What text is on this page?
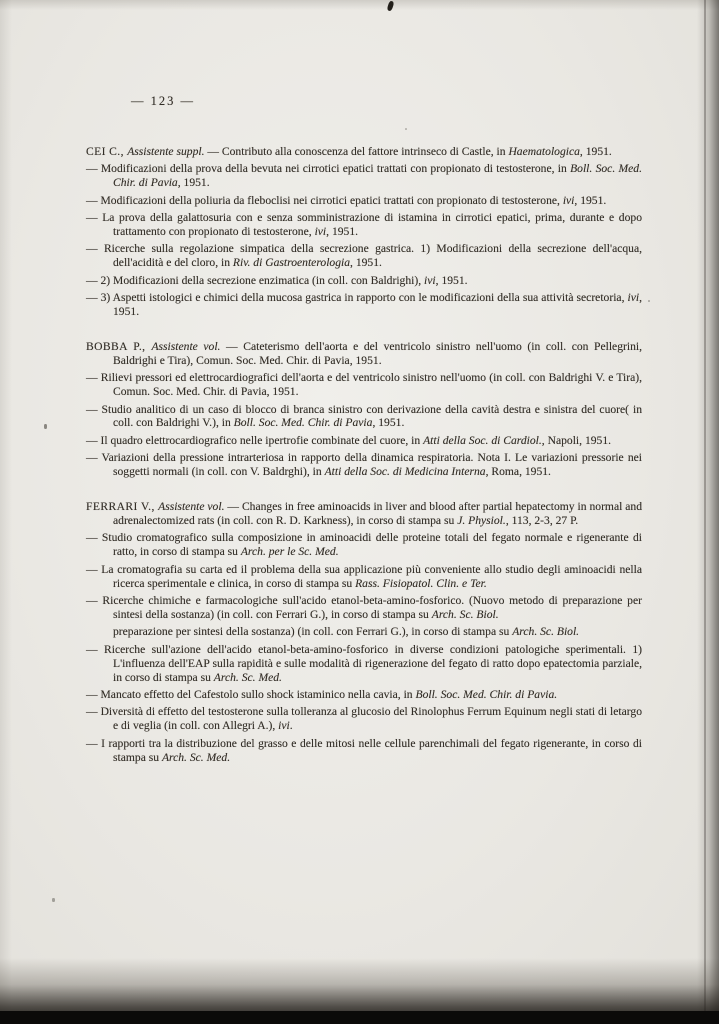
— 123 —

CEI C., Assistente suppl. — Contributo alla conoscenza del fattore intrinseco di Castle, in Haematologica, 1951.

— Modificazioni della prova della bevuta nei cirrotici epatici trattati con propionato di testosterone, in Boll. Soc. Med. Chir. di Pavia, 1951.

— Modificazioni della poliuria da fleboclisi nei cirrotici epatici trattati con propionato di testosterone, ivi, 1951.

— La prova della galattosuria con e senza somministrazione di istamina in cirrotici epatici, prima, durante e dopo trattamento con propionato di testosterone, ivi, 1951.

— Ricerche sulla regolazione simpatica della secrezione gastrica. 1) Modificazioni della secrezione dell'acqua, dell'acidità e del cloro, in Riv. di Gastroenterologia, 1951.

— 2) Modificazioni della secrezione enzimatica (in coll. con Baldrighi), ivi, 1951.

— 3) Aspetti istologici e chimici della mucosa gastrica in rapporto con le modificazioni della sua attività secretoria, ivi, 1951.

BOBBA P., Assistente vol. — Cateterismo dell'aorta e del ventricolo sinistro nell'uomo (in coll. con Pellegrini, Baldrighi e Tira), Comun. Soc. Med. Chir. di Pavia, 1951.

— Rilievi pressori ed elettrocardiografici dell'aorta e del ventricolo sinistro nell'uomo (in coll. con Baldrighi V. e Tira), Comun. Soc. Med. Chir. di Pavia, 1951.

— Studio analitico di un caso di blocco di branca sinistro con derivazione della cavità destra e sinistra del cuore( in coll. con Baldrighi V.), in Boll. Soc. Med. Chir. di Pavia, 1951.

— Il quadro elettrocardiografico nelle ipertrofie combinate del cuore, in Atti della Soc. di Cardiol., Napoli, 1951.

— Variazioni della pressione intrarteriosa in rapporto della dinamica respiratoria. Nota I. Le variazioni pressorie nei soggetti normali (in coll. con V. Baldrghi), in Atti della Soc. di Medicina Interna, Roma, 1951.

FERRARI V., Assistente vol. — Changes in free aminoacids in liver and blood after partial hepatectomy in normal and adrenalectomized rats (in coll. con R. D. Karkness), in corso di stampa su J. Physiol., 113, 2-3, 27 P.

— Studio cromatografico sulla composizione in aminoacidi delle proteine totali del fegato normale e rigenerante di ratto, in corso di stampa su Arch. per le Sc. Med.

— La cromatografia su carta ed il problema della sua applicazione più conveniente allo studio degli aminoacidi nella ricerca sperimentale e clinica, in corso di stampa su Rass. Fisiopatol. Clin. e Ter.

— Ricerche chimiche e farmacologiche sull'acido etanol-beta-amino-fosforico. (Nuovo metodo di preparazione per sintesi della sostanza) (in coll. con Ferrari G.), in corso di stampa su Arch. Sc. Biol.

preparazione per sintesi della sostanza) (in coll. con Ferrari G.), in corso di stampa su Arch. Sc. Biol.

— Ricerche sull'azione dell'acido etanol-beta-amino-fosforico in diverse condizioni patologiche sperimentali. 1) L'influenza dell'EAP sulla rapidità e sulle modalità di rigenerazione del fegato di ratto dopo epatectomia parziale, in corso di stampa su Arch. Sc. Med.

— Mancato effetto del Cafestolo sullo shock istaminico nella cavia, in Boll. Soc. Med. Chir. di Pavia.

— Diversità di effetto del testosterone sulla tolleranza al glucosio del Rinolophus Ferrum Equinum negli stati di letargo e di veglia (in coll. con Allegri A.), ivi.

— I rapporti tra la distribuzione del grasso e delle mitosi nelle cellule parenchimali del fegato rigenerante, in corso di stampa su Arch. Sc. Med.
